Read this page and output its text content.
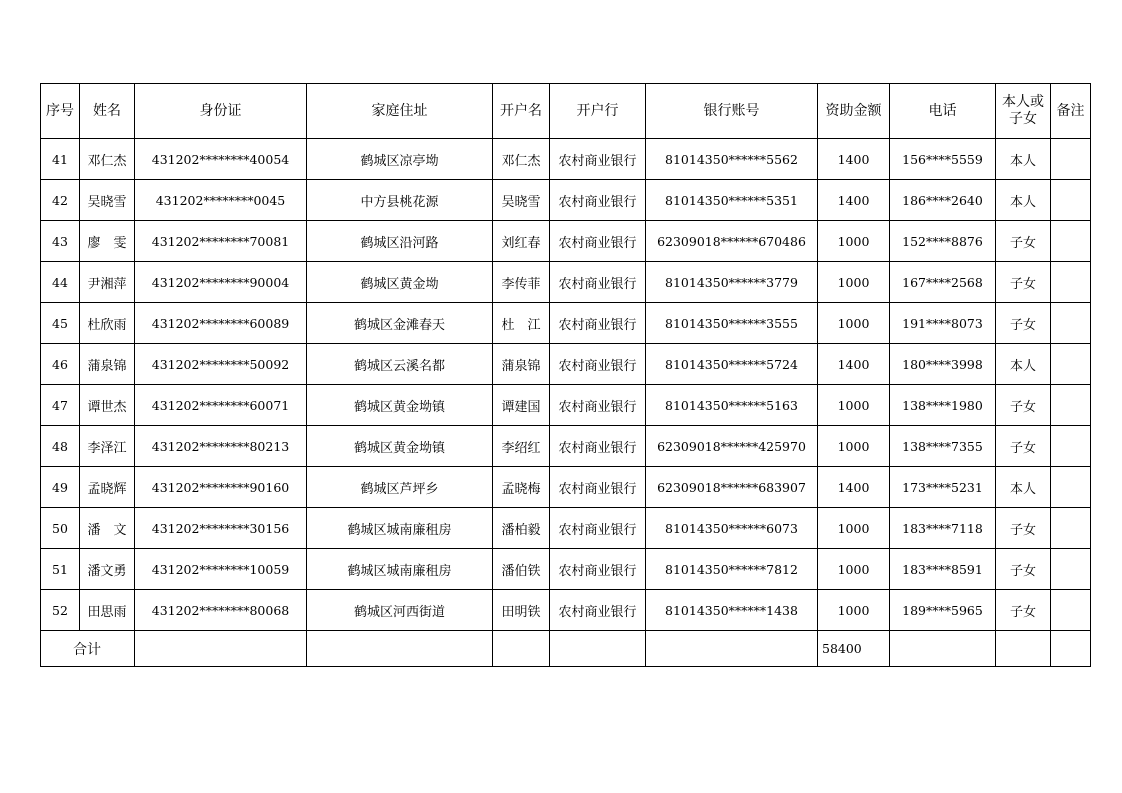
序号	姓名	身份证	家庭住址	开户名	开户行	银行账号	资助金额	电话	本人或子女	备注
41	邓仁杰	431202********40054	鹤城区凉亭坳	邓仁杰	农村商业银行	81014350******5562	1400	156****5559	本人	
42	吴晓雪	431202********0045	中方县桃花源	吴晓雪	农村商业银行	81014350******5351	1400	186****2640	本人	
43	廖　雯	431202********70081	鹤城区沿河路	刘红春	农村商业银行	62309018******670486	1000	152****8876	子女	
44	尹湘萍	431202********90004	鹤城区黄金坳	李传菲	农村商业银行	81014350******3779	1000	167****2568	子女	
45	杜欣雨	431202********60089	鹤城区金滩春天	杜　江	农村商业银行	81014350******3555	1000	191****8073	子女	
46	蒲泉锦	431202********50092	鹤城区云溪名都	蒲泉锦	农村商业银行	81014350******5724	1400	180****3998	本人	
47	谭世杰	431202********60071	鹤城区黄金坳镇	谭建国	农村商业银行	81014350******5163	1000	138****1980	子女	
48	李泽江	431202********80213	鹤城区黄金坳镇	李绍红	农村商业银行	62309018******425970	1000	138****7355	子女	
49	孟晓辉	431202********90160	鹤城区芦坪乡	孟晓梅	农村商业银行	62309018******683907	1400	173****5231	本人	
50	潘　文	431202********30156	鹤城区城南廉租房	潘柏毅	农村商业银行	81014350******6073	1000	183****7118	子女	
51	潘文勇	431202********10059	鹤城区城南廉租房	潘伯铁	农村商业银行	81014350******7812	1000	183****8591	子女	
52	田思雨	431202********80068	鹤城区河西街道	田明铁	农村商业银行	81014350******1438	1000	189****5965	子女	
合计							58400			
